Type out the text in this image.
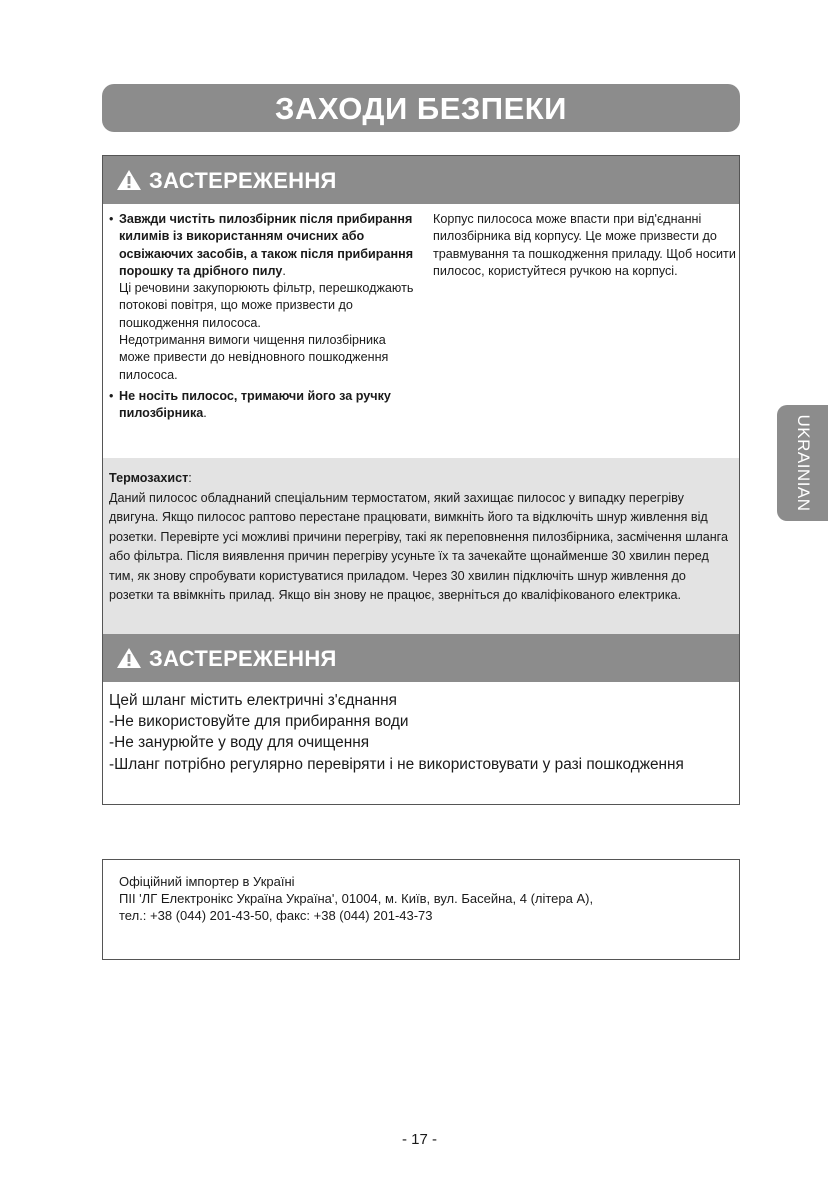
ЗАХОДИ БЕЗПЕКИ
ЗАСТЕРЕЖЕННЯ
• Завжди чистіть пилозбірник після прибирання килимів із використанням очисних або освіжаючих засобів, а також після прибирання порошку та дрібного пилу.

Ці речовини закупорюють фільтр, перешкоджають потокові повітря, що може призвести до пошкодження пилососа.

Недотримання вимоги чищення пилозбірника може привести до невідновного пошкодження пилососа.

• Не носіть пилосос, тримаючи його за ручку пилозбірника.
Корпус пилососа може впасти при від'єднанні пилозбірника від корпусу. Це може призвести до травмування та пошкодження приладу. Щоб носити пилосос, користуйтеся ручкою на корпусі.
Термозахист:
Даний пилосос обладнаний спеціальним термостатом, який захищає пилосос у випадку перегріву двигуна. Якщо пилосос раптово перестане працювати, вимкніть його та відключіть шнур живлення від розетки. Перевірте усі можливі причини перегріву, такі як переповнення пилозбірника, засмічення шланга або фільтра. Після виявлення причин перегріву усуньте їх та зачекайте щонайменше 30 хвилин перед тим, як знову спробувати користуватися приладом. Через 30 хвилин підключіть шнур живлення до розетки та ввімкніть прилад. Якщо він знову не працює, зверніться до кваліфікованого електрика.
ЗАСТЕРЕЖЕННЯ
Цей шланг містить електричні з'єднання
-Не використовуйте для прибирання води
-Не занурюйте у воду для очищення
-Шланг потрібно регулярно перевіряти і не використовувати у разі пошкодження
Офіційний імпортер в Україні
ПІІ 'ЛГ Електронікс Україна Україна', 01004, м. Київ, вул. Басейна, 4 (літера А),
тел.: +38 (044) 201-43-50, факс: +38 (044) 201-43-73
UKRAINIAN
- 17 -
